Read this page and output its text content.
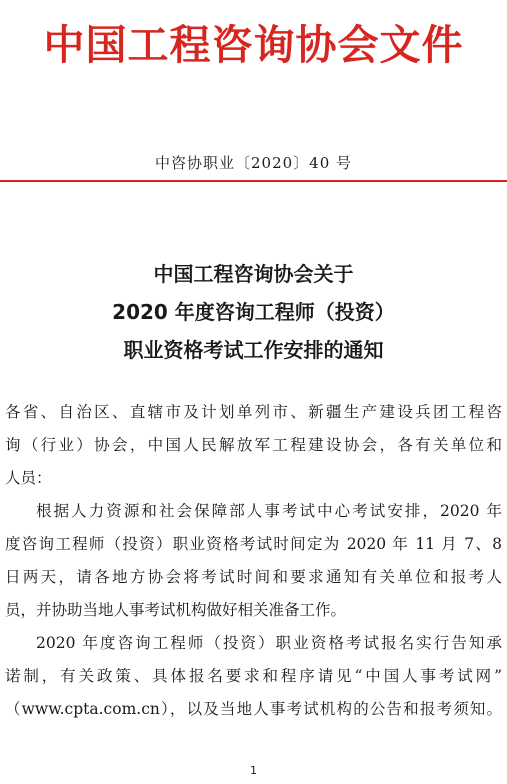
中国工程咨询协会文件
中咨协职业〔2020〕40 号
中国工程咨询协会关于
2020 年度咨询工程师（投资）
职业资格考试工作安排的通知
各省、自治区、直辖市及计划单列市、新疆生产建设兵团工程咨
询（行业）协会，中国人民解放军工程建设协会，各有关单位和
人员：
根据人力资源和社会保障部人事考试中心考试安排，2020 年
度咨询工程师（投资）职业资格考试时间定为 2020 年 11 月 7、8
日两天，请各地方协会将考试时间和要求通知有关单位和报考人
员，并协助当地人事考试机构做好相关准备工作。
2020 年度咨询工程师（投资）职业资格考试报名实行告知承
诺制，有关政策、具体报名要求和程序请见“中国人事考试网”
（www.cpta.com.cn），以及当地人事考试机构的公告和报考须知。
1
